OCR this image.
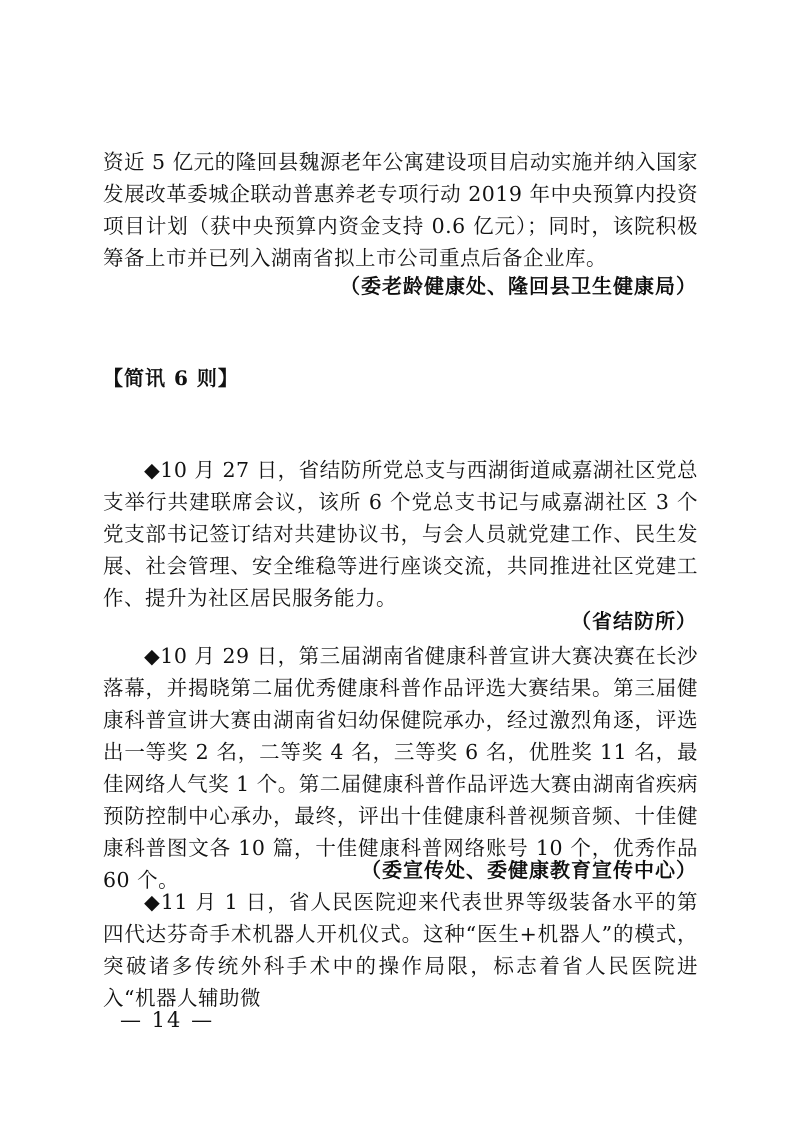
资近 5 亿元的隆回县魏源老年公寓建设项目启动实施并纳入国家发展改革委城企联动普惠养老专项行动 2019 年中央预算内投资项目计划（获中央预算内资金支持 0.6 亿元）；同时，该院积极筹备上市并已列入湖南省拟上市公司重点后备企业库。

（委老龄健康处、隆回县卫生健康局）

【简讯 6 则】

◆10 月 27 日，省结防所党总支与西湖街道咸嘉湖社区党总支举行共建联席会议，该所 6 个党总支书记与咸嘉湖社区 3 个党支部书记签订结对共建协议书，与会人员就党建工作、民生发展、社会管理、安全维稳等进行座谈交流，共同推进社区党建工作、提升为社区居民服务能力。

（省结防所）

◆10 月 29 日，第三届湖南省健康科普宣讲大赛决赛在长沙落幕，并揭晓第二届优秀健康科普作品评选大赛结果。第三届健康科普宣讲大赛由湖南省妇幼保健院承办，经过激烈角逐，评选出一等奖 2 名，二等奖 4 名，三等奖 6 名，优胜奖 11 名，最佳网络人气奖 1 个。第二届健康科普作品评选大赛由湖南省疾病预防控制中心承办，最终，评出十佳健康科普视频音频、十佳健康科普图文各 10 篇，十佳健康科普网络账号 10 个，优秀作品 60 个。	（委宣传处、委健康教育宣传中心）

◆11 月 1 日，省人民医院迎来代表世界等级装备水平的第四代达芬奇手术机器人开机仪式。这种“医生+机器人”的模式，突破诸多传统外科手术中的操作局限，标志着省人民医院进入“机器人辅助微

— 14 —
